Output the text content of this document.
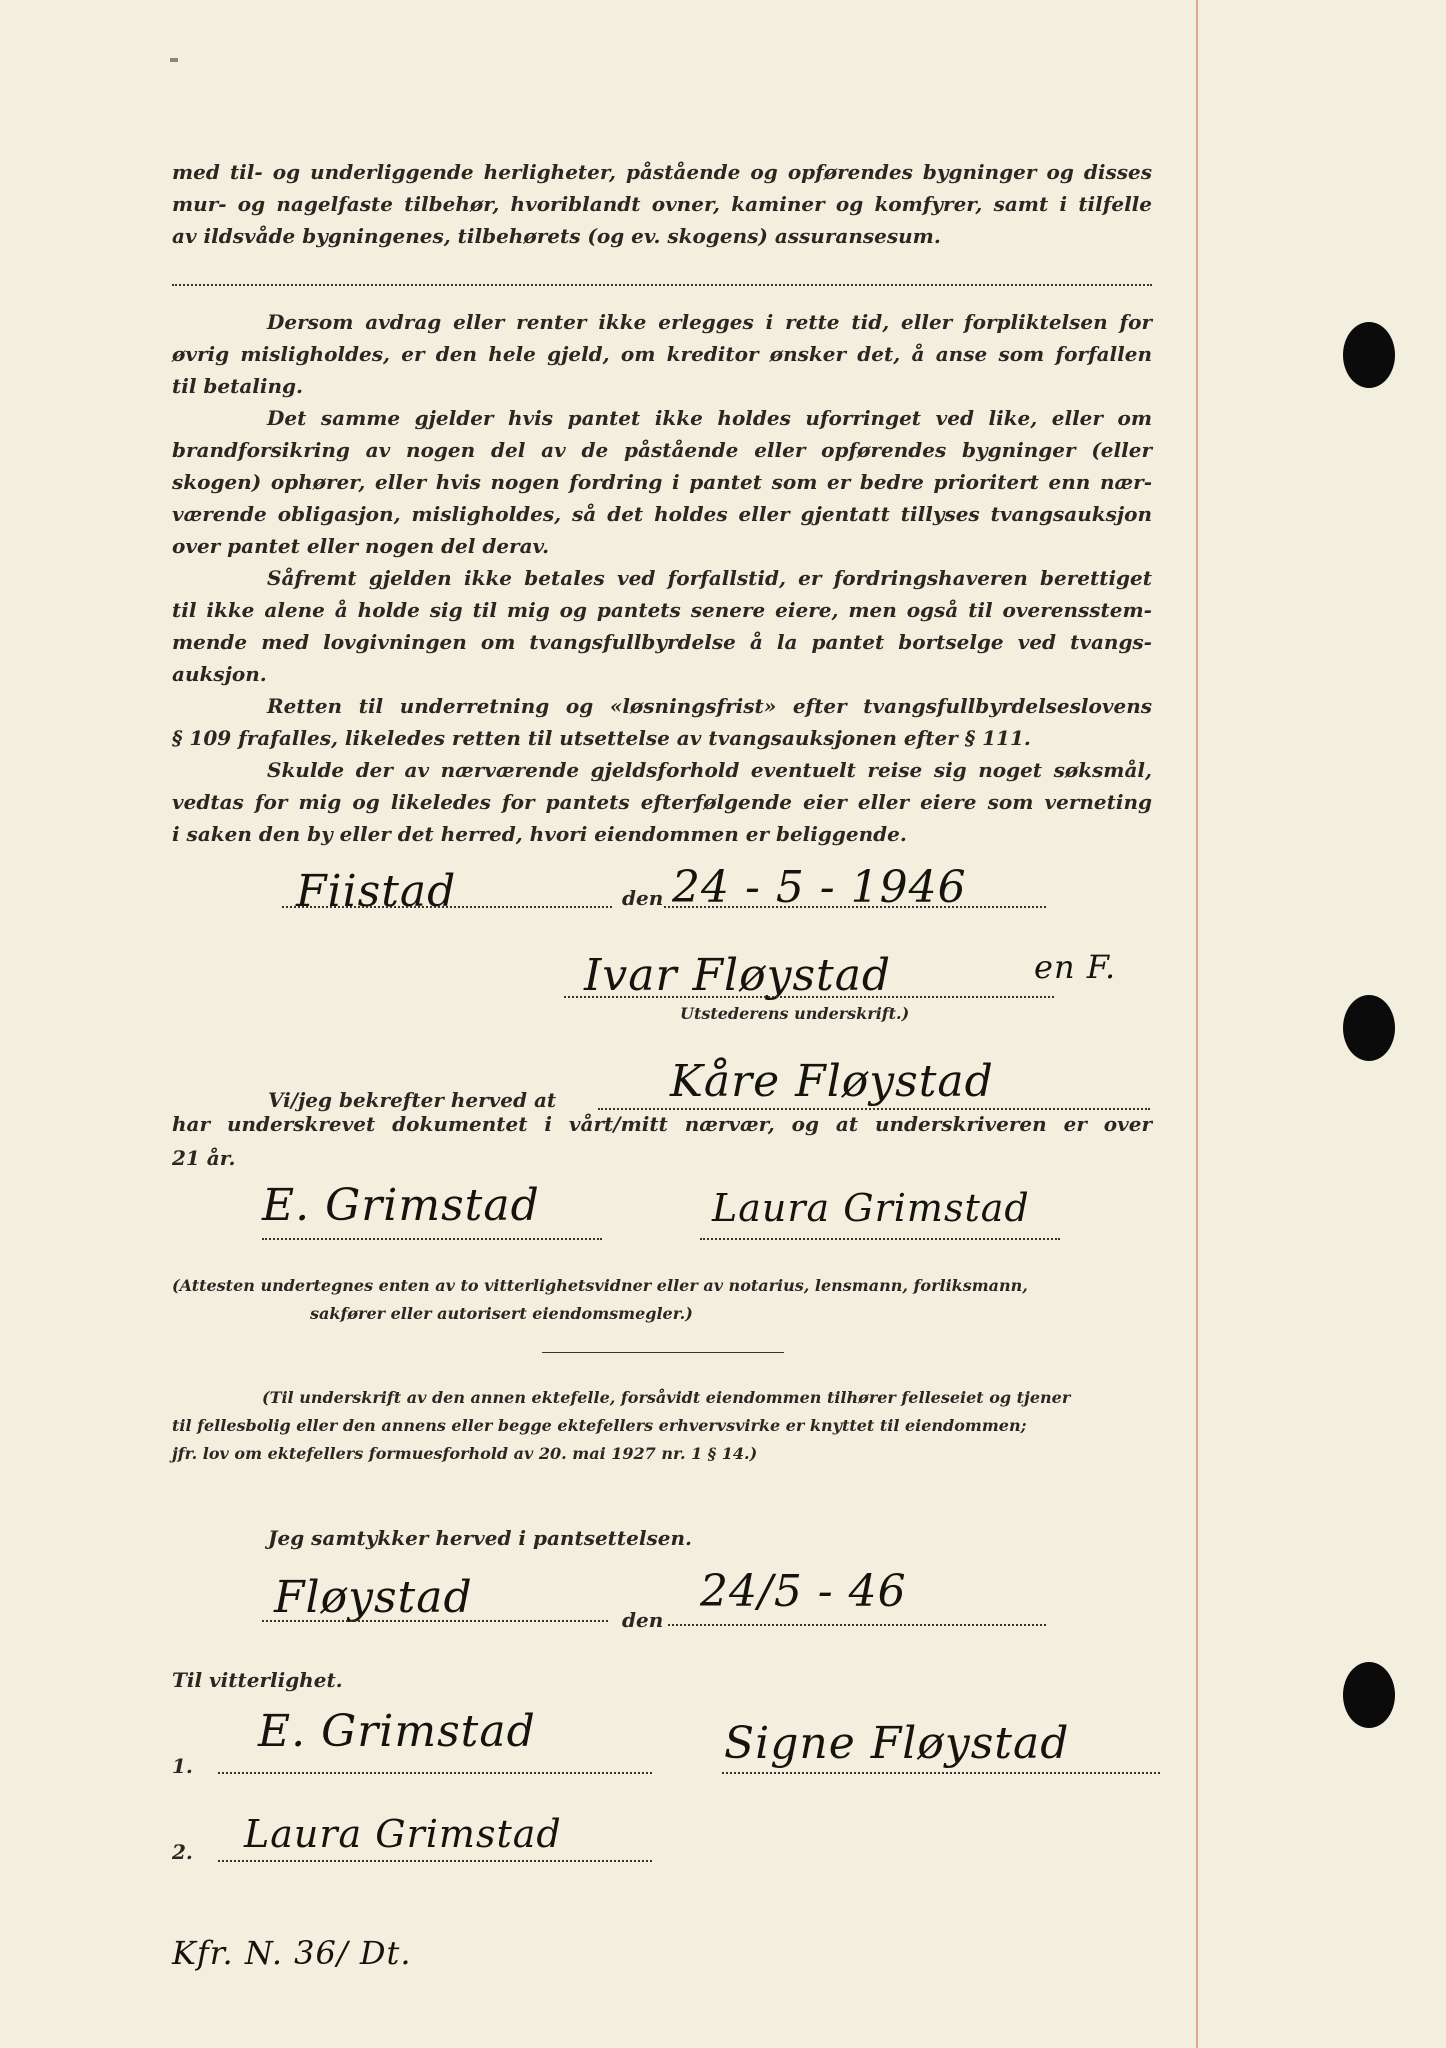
med til- og underliggende herligheter, påstående og opførendes bygninger og disses
mur- og nagelfaste tilbehør, hvoriblandt ovner, kaminer og komfyrer, samt i tilfelle
av ildsvåde bygningenes, tilbehørets (og ev. skogens) assuransesum.
Dersom avdrag eller renter ikke erlegges i rette tid, eller forpliktelsen for
øvrig misligholdes, er den hele gjeld, om kreditor ønsker det, å anse som forfallen
til betaling.
Det samme gjelder hvis pantet ikke holdes uforringet ved like, eller om
brandforsikring av nogen del av de påstående eller opførendes bygninger (eller
skogen) ophører, eller hvis nogen fordring i pantet som er bedre prioritert enn nær-
værende obligasjon, misligholdes, så det holdes eller gjentatt tillyses tvangsauksjon
over pantet eller nogen del derav.
Såfremt gjelden ikke betales ved forfallstid, er fordringshaveren berettiget
til ikke alene å holde sig til mig og pantets senere eiere, men også til overensstem-
mende med lovgivningen om tvangsfullbyrdelse å la pantet bortselge ved tvangs-
auksjon.
Retten til underretning og «løsningsfrist» efter tvangsfullbyrdelseslovens
§ 109 frafalles, likeledes retten til utsettelse av tvangsauksjonen efter § 111.
Skulde der av nærværende gjeldsforhold eventuelt reise sig noget søksmål,
vedtas for mig og likeledes for pantets efterfølgende eier eller eiere som verneting
i saken den by eller det herred, hvori eiendommen er beliggende.
Fiistad	den 24 - 5 - 1946
Ivar Fløystad	en F.
Utstederens underskrift.)
Vi/jeg bekrefter herved at	Kåre Fløystad
har underskrevet dokumentet i vårt/mitt nærvær, og at underskriveren er over
21 år.
E. Grimstad	Laura Grimstad
(Attesten undertegnes enten av to vitterlighetsvidner eller av notarius, lensmann, forliksmann,
sakfører eller autorisert eiendomsmegler.)
(Til underskrift av den annen ektefelle, forsåvidt eiendommen tilhører felleseiet og tjener
til fellesbolig eller den annens eller begge ektefellers erhvervsvirke er knyttet til eiendommen;
jfr. lov om ektefellers formuesforhold av 20. mai 1927 nr. 1 § 14.)
Jeg samtykker herved i pantsettelsen.
Fløystad	den
24/5 - 46
Til vitterlighet.
E. Grimstad
1.	Signe Fløystad
Laura Grimstad
2.
Kfr. N. 36/ Dt.
